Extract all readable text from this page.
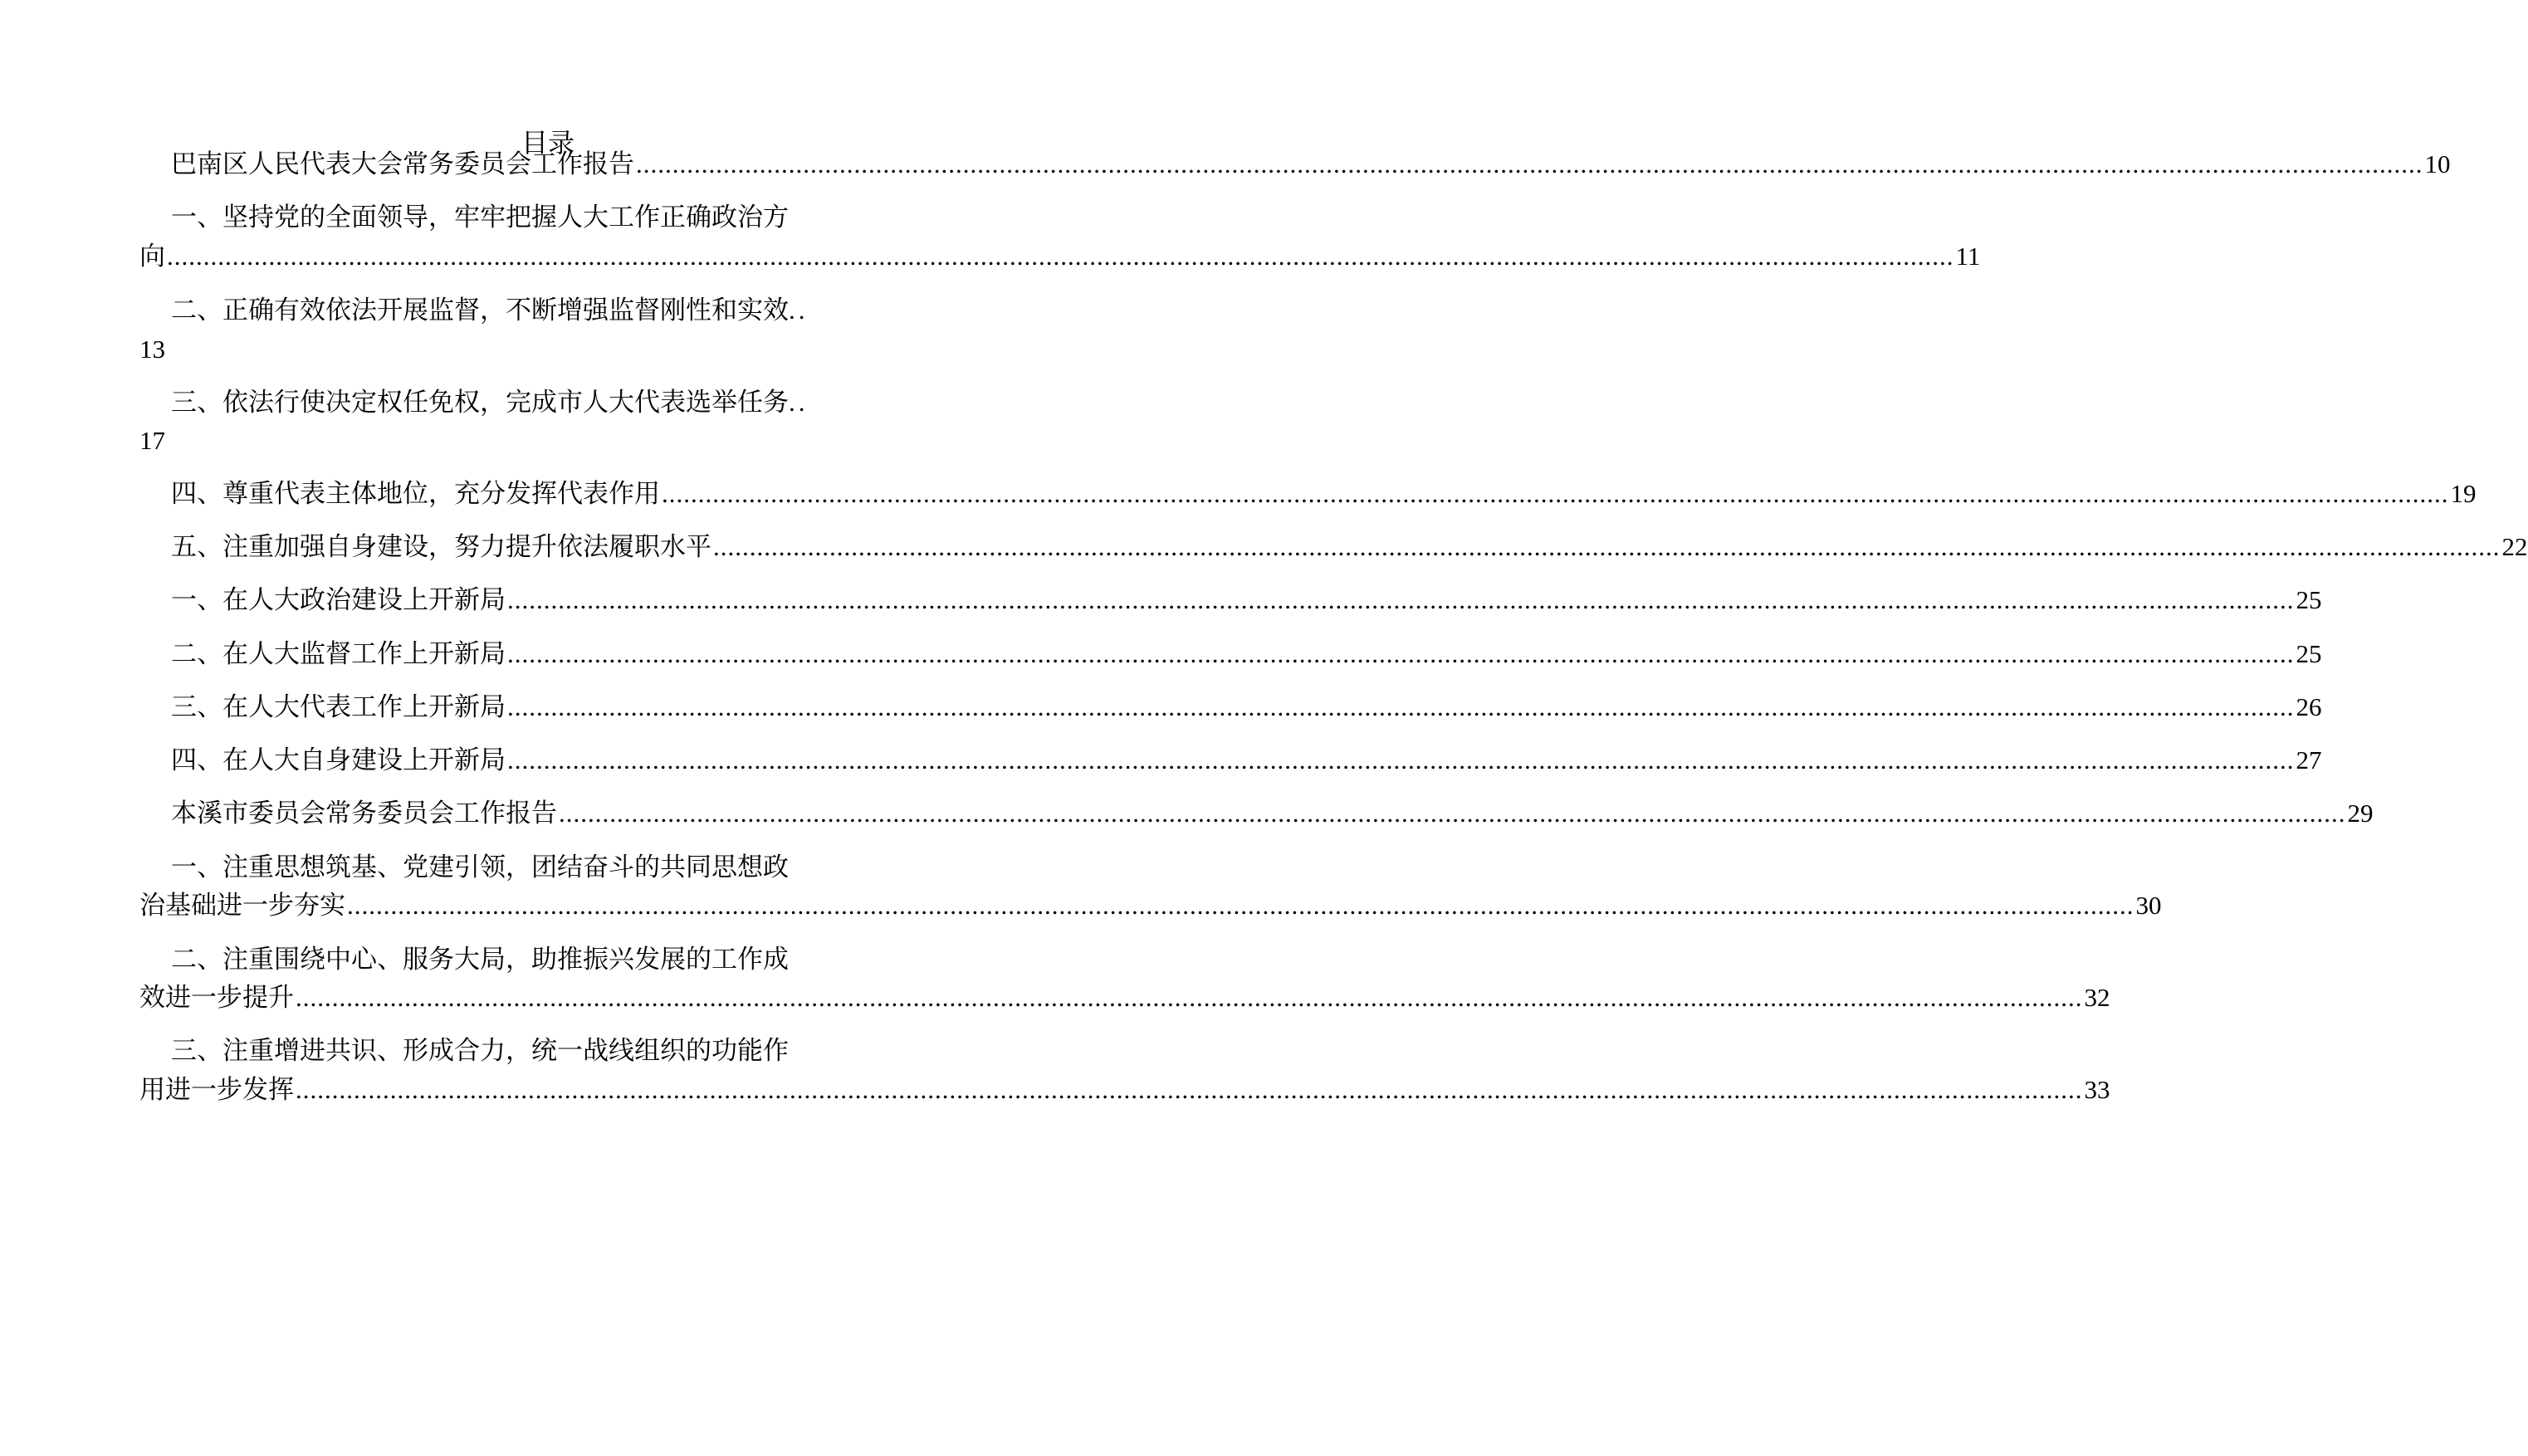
目录
巴南区人民代表大会常务委员会工作报告 .....	10
一、坚持党的全面领导，牢牢把握人大工作正确政治方
向 .....	11
二、正确有效依法开展监督，不断增强监督刚性和实效..
13
三、依法行使决定权任免权，完成市人大代表选举任务..
17
四、尊重代表主体地位，充分发挥代表作用 .....	19
五、注重加强自身建设，努力提升依法履职水平 .....	22
一、在人大政治建设上开新局 .....	25
二、在人大监督工作上开新局 .....	25
三、在人大代表工作上开新局 .....	26
四、在人大自身建设上开新局 .....	27
本溪市委员会常务委员会工作报告 .....	29
一、注重思想筑基、党建引领，团结奋斗的共同思想政
治基础进一步夯实 .....	30
二、注重围绕中心、服务大局，助推振兴发展的工作成
效进一步提升 .....	32
三、注重增进共识、形成合力，统一战线组织的功能作
用进一步发挥 .....	33
